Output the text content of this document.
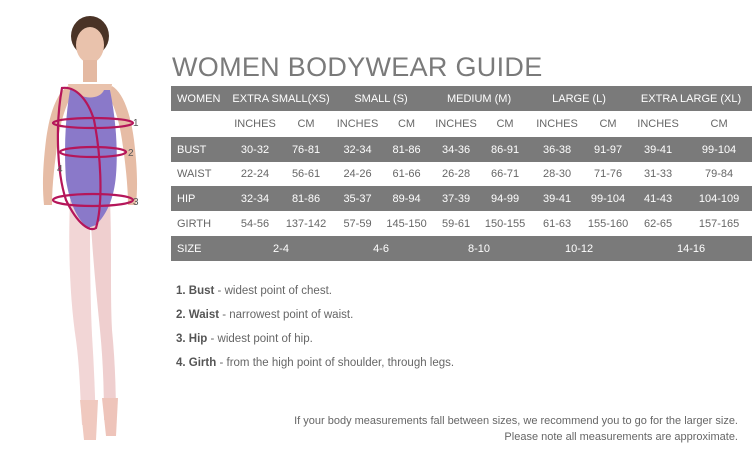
1
2
3
4
WOMEN BODYWEAR GUIDE
WOMEN	EXTRA SMALL(XS)		SMALL (S)		MEDIUM (M)		LARGE (L)		EXTRA LARGE (XL)	
	INCHES	CM	INCHES	CM	INCHES	CM	INCHES	CM	INCHES	CM
BUST	30-32	76-81	32-34	81-86	34-36	86-91	36-38	91-97	39-41	99-104
WAIST	22-24	56-61	24-26	61-66	26-28	66-71	28-30	71-76	31-33	79-84
HIP	32-34	81-86	35-37	89-94	37-39	94-99	39-41	99-104	41-43	104-109
GIRTH	54-56	137-142	57-59	145-150	59-61	150-155	61-63	155-160	62-65	157-165
SIZE	2-4		4-6		8-10		10-12		14-16	
1. Bust - widest point of chest.
2. Waist - narrowest point of waist.
3. Hip - widest point of hip.
4. Girth - from the high point of shoulder, through legs.
If your body measurements fall between sizes, we recommend you to go for the larger size.
Please note all measurements are approximate.
